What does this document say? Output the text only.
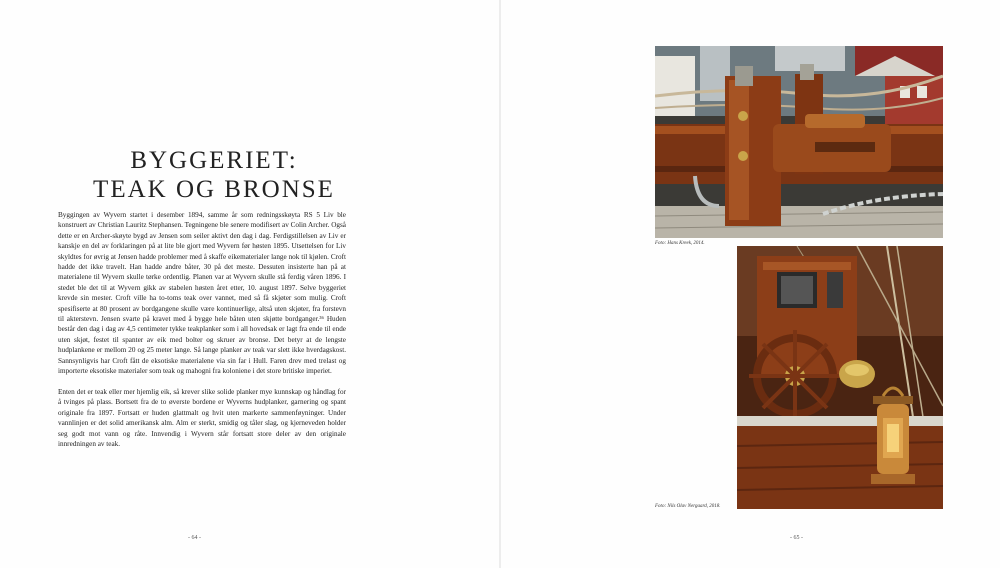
BYGGERIET:
TEAK OG BRONSE

Byggingen av Wyvern startet i desember 1894, samme år som redningsskøyta RS 5 Liv ble konstruert av Christian Lauritz Stephansen. Tegningene ble senere modifisert av Colin Archer. Også dette er en Archer-skøyte bygd av Jensen som seiler aktivt den dag i dag. Ferdigstillelsen av Liv er kanskje en del av forklaringen på at lite ble gjort med Wyvern før høsten 1895. Utsettelsen for Liv skyldtes for øvrig at Jensen hadde problemer med å skaffe eikematerialer lange nok til kjølen. Croft hadde det ikke travelt. Han hadde andre båter, 30 på det meste. Dessuten insisterte han på at materialene til Wyvern skulle tørke ordentlig. Planen var at Wyvern skulle stå ferdig våren 1896. I stedet ble det til at Wyvern gikk av stabelen høsten året etter, 10. august 1897. Selve byggeriet krevde sin mester. Croft ville ha to-toms teak over vannet, med så få skjøter som mulig. Croft spesifiserte at 80 prosent av bordgangene skulle være kontinuerlige, altså uten skjøter, fra forstevn til akterstevn. Jensen svarte på kravet med å bygge hele båten uten skjøtte bordganger.³⁶ Huden består den dag i dag av 4,5 centimeter tykke teakplanker som i all hovedsak er lagt fra ende til ende uten skjøt, festet til spanter av eik med bolter og skruer av bronse. Det betyr at de lengste hudplankene er mellom 20 og 25 meter lange. Så lange planker av teak var slett ikke hverdagskost. Sannsynligvis har Croft fått de eksotiske materialene via sin far i Hull. Faren drev med trelast og importerte eksotiske materialer som teak og mahogni fra koloniene i det store britiske imperiet.

Enten det er teak eller mer hjemlig eik, så krever slike solide planker mye kunnskap og håndlag for å tvinges på plass. Bortsett fra de to øverste bordene er Wyverns hudplanker, garnering og spant originale fra 1897. Fortsatt er huden glattmalt og hvit uten markerte sammenføyninger. Under vannlinjen er det solid amerikansk alm. Alm er sterkt, smidig og tåler slag, og kjerneveden holder seg godt mot vann og råte. Innvendig i Wyvern står fortsatt store deler av den originale innredningen av teak.

- 64 -
Foto: Hans Kreek, 2014.
Foto: Nils Olav Nergaard, 2018.
- 65 -
